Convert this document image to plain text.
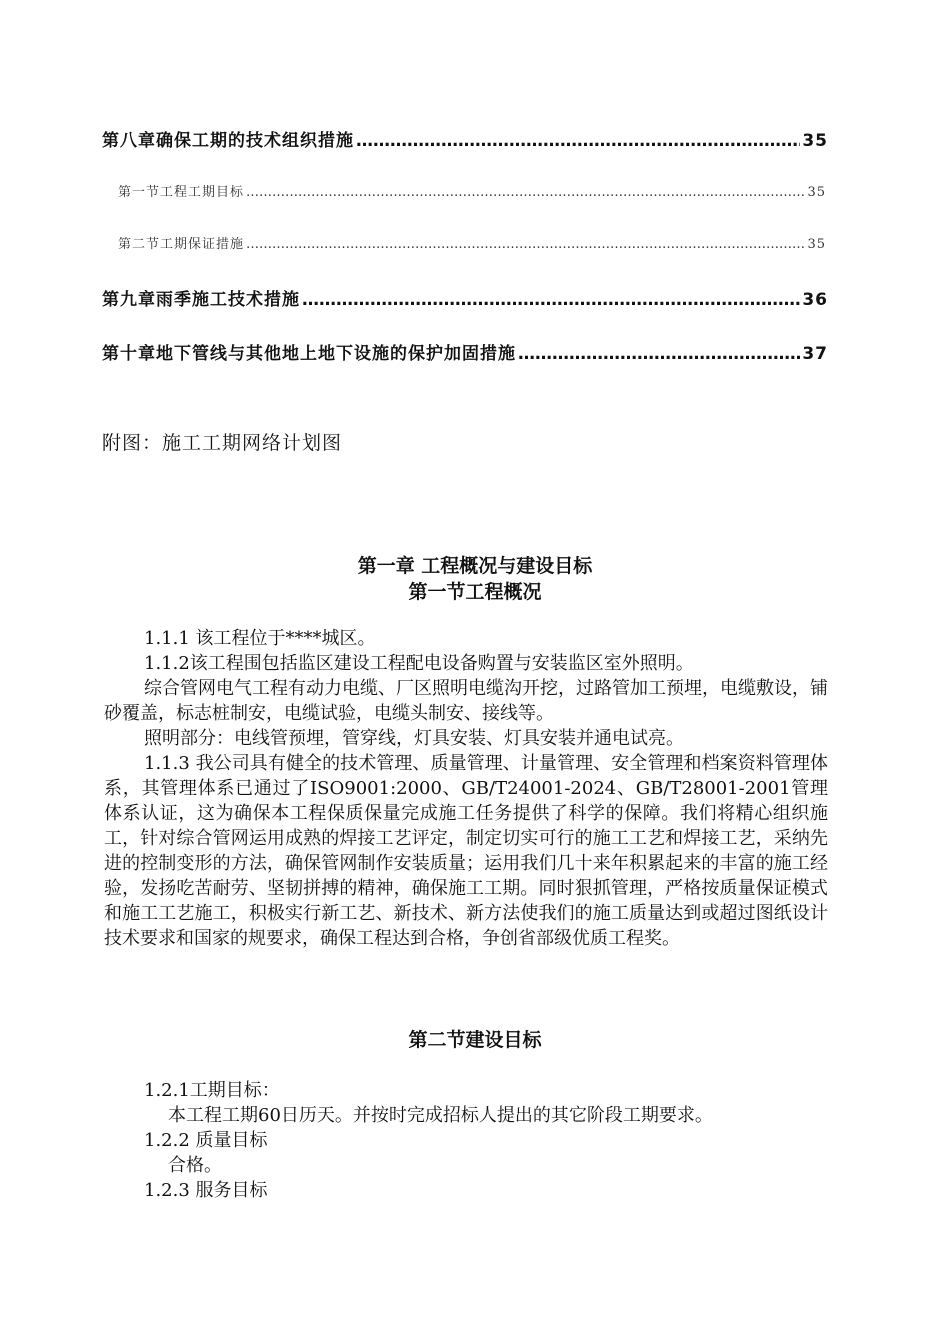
第八章确保工期的技术组织措施 ……………………………………………………………………………………………………………………………………………………………………………………………………………………………	35
第一节工程工期目标 ……………………………………………………………………………………………………………………………………………………………………………………………………………………………	35
第二节工期保证措施 ……………………………………………………………………………………………………………………………………………………………………………………………………………………………	35
第九章雨季施工技术措施 ……………………………………………………………………………………………………………………………………………………………………………………………………………………………	36
第十章地下管线与其他地上地下设施的保护加固措施 ……………………………………………………………………………………………………………………………………………………………………………………………………………………………	37
附图：施工工期网络计划图
第一章 工程概况与建设目标
第一节工程概况
1.1.1 该工程位于****城区。
1.1.2该工程围包括监区建设工程配电设备购置与安装监区室外照明。
综合管网电气工程有动力电缆、厂区照明电缆沟开挖，过路管加工预埋，电缆敷设，铺砂覆盖，标志桩制安，电缆试验，电缆头制安、接线等。
照明部分：电线管预埋，管穿线，灯具安装、灯具安装并通电试亮。
1.1.3 我公司具有健全的技术管理、质量管理、计量管理、安全管理和档案资料管理体系，其管理体系已通过了ISO9001:2000、GB/T24001-2024、GB/T28001-2001管理体系认证，这为确保本工程保质保量完成施工任务提供了科学的保障。我们将精心组织施工，针对综合管网运用成熟的焊接工艺评定，制定切实可行的施工工艺和焊接工艺，采纳先进的控制变形的方法，确保管网制作安装质量；运用我们几十来年积累起来的丰富的施工经验，发扬吃苦耐劳、坚韧拼搏的精神，确保施工工期。同时狠抓管理，严格按质量保证模式和施工工艺施工，积极实行新工艺、新技术、新方法使我们的施工质量达到或超过图纸设计技术要求和国家的规要求，确保工程达到合格，争创省部级优质工程奖。
第二节建设目标
1.2.1工期目标：
本工程工期60日历天。并按时完成招标人提出的其它阶段工期要求。
1.2.2 质量目标
合格。
1.2.3 服务目标
